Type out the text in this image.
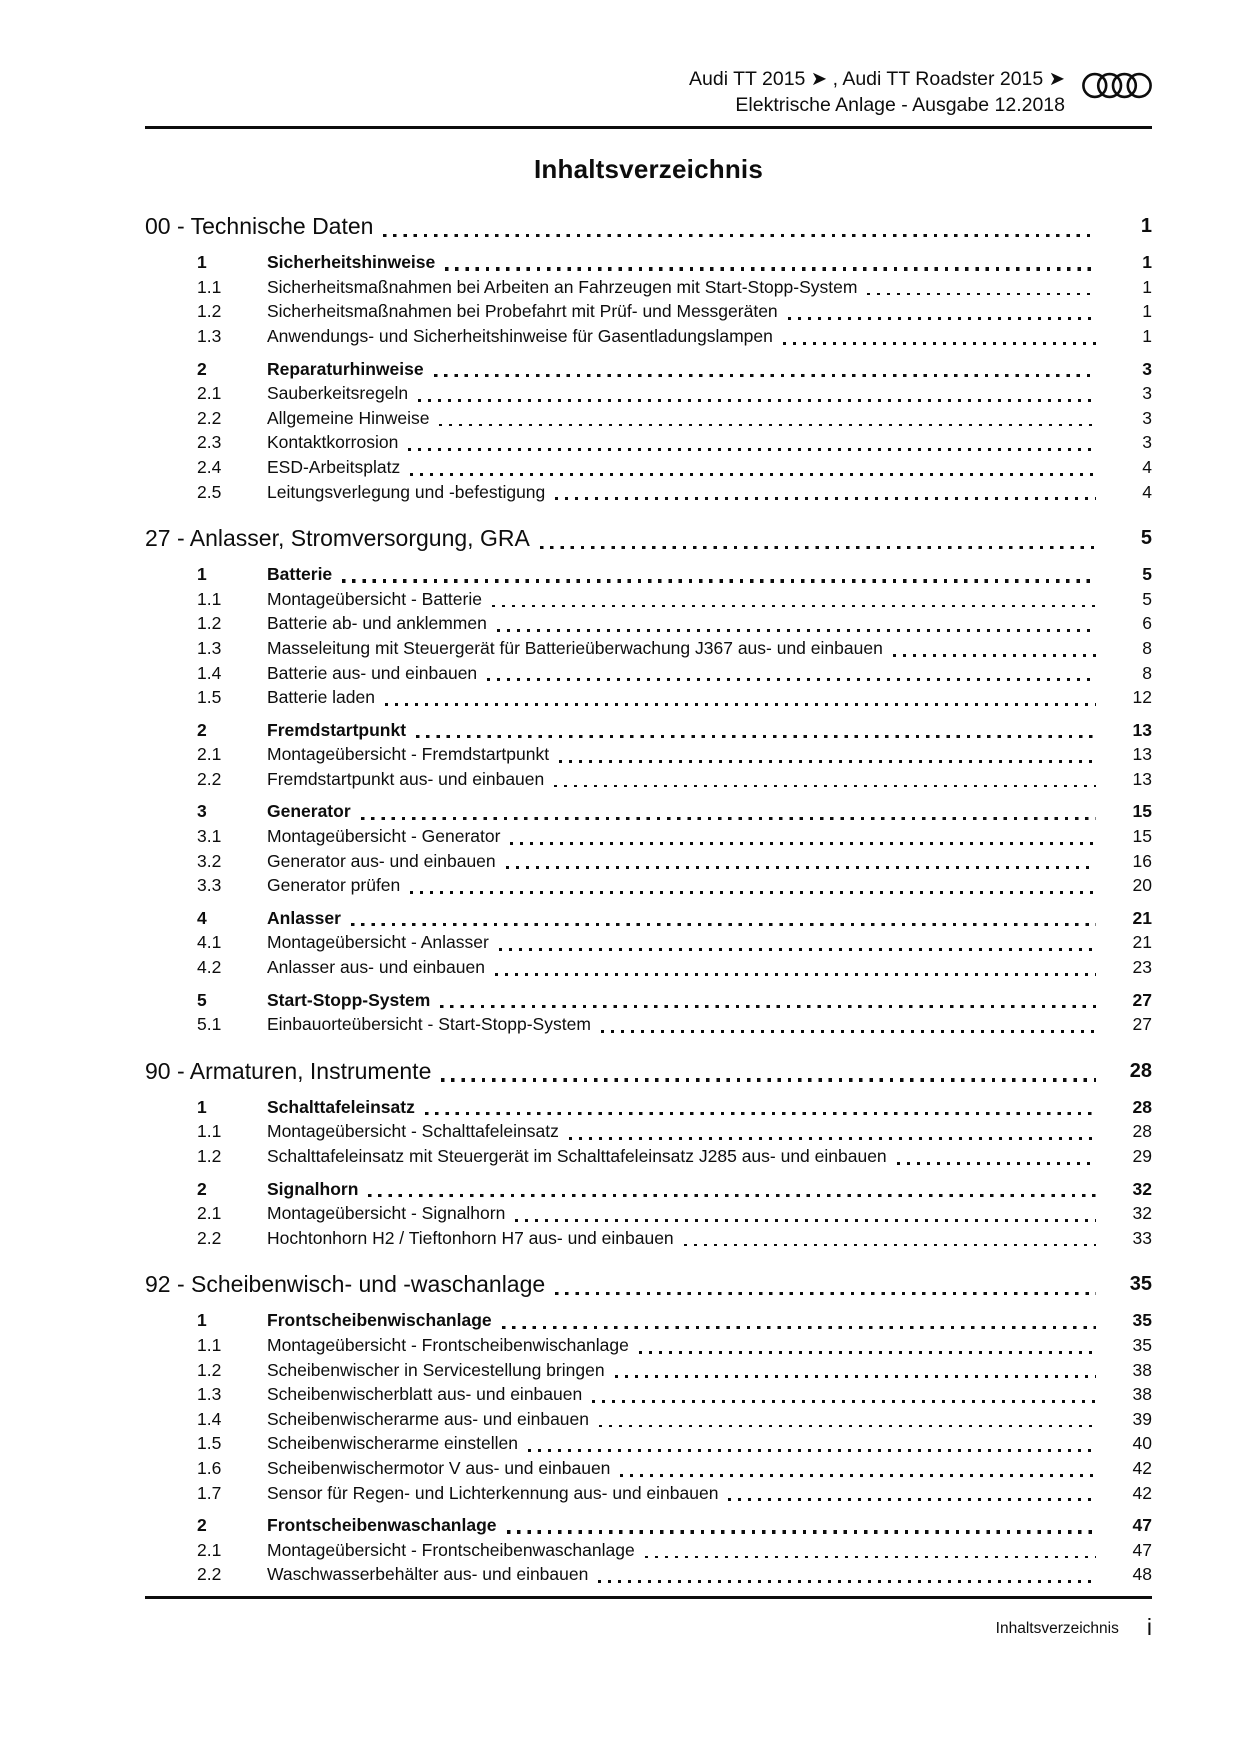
Audi TT 2015 ➤ , Audi TT Roadster 2015 ➤
Elektrische Anlage - Ausgabe 12.2018
Inhaltsverzeichnis
00 - Technische Daten	1
1	Sicherheitshinweise	1
1.1	Sicherheitsmaßnahmen bei Arbeiten an Fahrzeugen mit Start-Stopp-System	1
1.2	Sicherheitsmaßnahmen bei Probefahrt mit Prüf- und Messgeräten	1
1.3	Anwendungs- und Sicherheitshinweise für Gasentladungslampen	1
2	Reparaturhinweise	3
2.1	Sauberkeitsregeln	3
2.2	Allgemeine Hinweise	3
2.3	Kontaktkorrosion	3
2.4	ESD-Arbeitsplatz	4
2.5	Leitungsverlegung und -befestigung	4
27 - Anlasser, Stromversorgung, GRA	5
1	Batterie	5
1.1	Montageübersicht - Batterie	5
1.2	Batterie ab- und anklemmen	6
1.3	Masseleitung mit Steuergerät für Batterieüberwachung J367 aus- und einbauen	8
1.4	Batterie aus- und einbauen	8
1.5	Batterie laden	12
2	Fremdstartpunkt	13
2.1	Montageübersicht - Fremdstartpunkt	13
2.2	Fremdstartpunkt aus- und einbauen	13
3	Generator	15
3.1	Montageübersicht - Generator	15
3.2	Generator aus- und einbauen	16
3.3	Generator prüfen	20
4	Anlasser	21
4.1	Montageübersicht - Anlasser	21
4.2	Anlasser aus- und einbauen	23
5	Start-Stopp-System	27
5.1	Einbauorteübersicht - Start-Stopp-System	27
90 - Armaturen, Instrumente	28
1	Schalttafeleinsatz	28
1.1	Montageübersicht - Schalttafeleinsatz	28
1.2	Schalttafeleinsatz mit Steuergerät im Schalttafeleinsatz J285 aus- und einbauen	29
2	Signalhorn	32
2.1	Montageübersicht - Signalhorn	32
2.2	Hochtonhorn H2 / Tieftonhorn H7 aus- und einbauen	33
92 - Scheibenwisch- und -waschanlage	35
1	Frontscheibenwischanlage	35
1.1	Montageübersicht - Frontscheibenwischanlage	35
1.2	Scheibenwischer in Servicestellung bringen	38
1.3	Scheibenwischerblatt aus- und einbauen	38
1.4	Scheibenwischerarme aus- und einbauen	39
1.5	Scheibenwischerarme einstellen	40
1.6	Scheibenwischermotor V aus- und einbauen	42
1.7	Sensor für Regen- und Lichterkennung aus- und einbauen	42
2	Frontscheibenwaschanlage	47
2.1	Montageübersicht - Frontscheibenwaschanlage	47
2.2	Waschwasserbehälter aus- und einbauen	48
Inhaltsverzeichnis i
